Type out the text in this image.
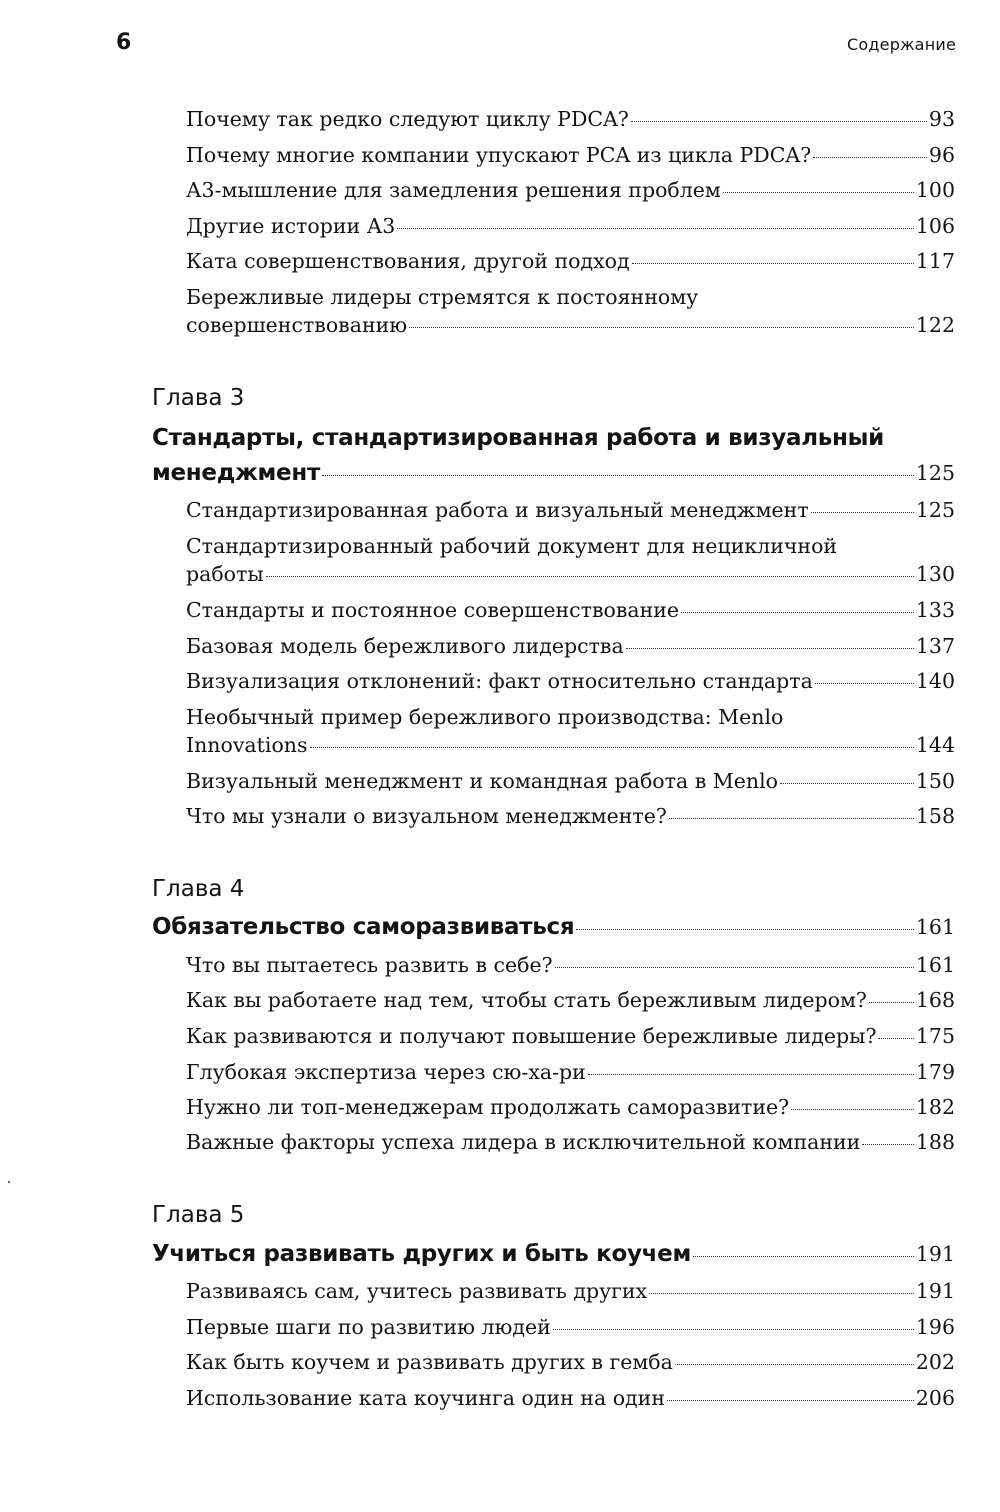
6	Содержание
Почему так редко следуют циклу PDCA?	93
Почему многие компании упускают PCA из цикла PDCA?	96
А3-мышление для замедления решения проблем	100
Другие истории А3	106
Ката совершенствования, другой подход	117
Бережливые лидеры стремятся к постоянному
совершенствованию	122
Глава 3
Стандарты, стандартизированная работа и визуальный
менеджмент	125
Стандартизированная работа и визуальный менеджмент	125
Стандартизированный рабочий документ для нецикличной
работы	130
Стандарты и постоянное совершенствование	133
Базовая модель бережливого лидерства	137
Визуализация отклонений: факт относительно стандарта	140
Необычный пример бережливого производства: Menlo
Innovations	144
Визуальный менеджмент и командная работа в Menlo	150
Что мы узнали о визуальном менеджменте?	158
Глава 4
Обязательство саморазвиваться	161
Что вы пытаетесь развить в себе?	161
Как вы работаете над тем, чтобы стать бережливым лидером? 168
Как развиваются и получают повышение бережливые лидеры? 175
Глубокая экспертиза через сю-ха-ри	179
Нужно ли топ-менеджерам продолжать саморазвитие?	182
Важные факторы успеха лидера в исключительной компании	188
Глава 5
Учиться развивать других и быть коучем	191
Развиваясь сам, учитесь развивать других	191
Первые шаги по развитию людей	196
Как быть коучем и развивать других в гемба	202
Использование ката коучинга один на один	206
